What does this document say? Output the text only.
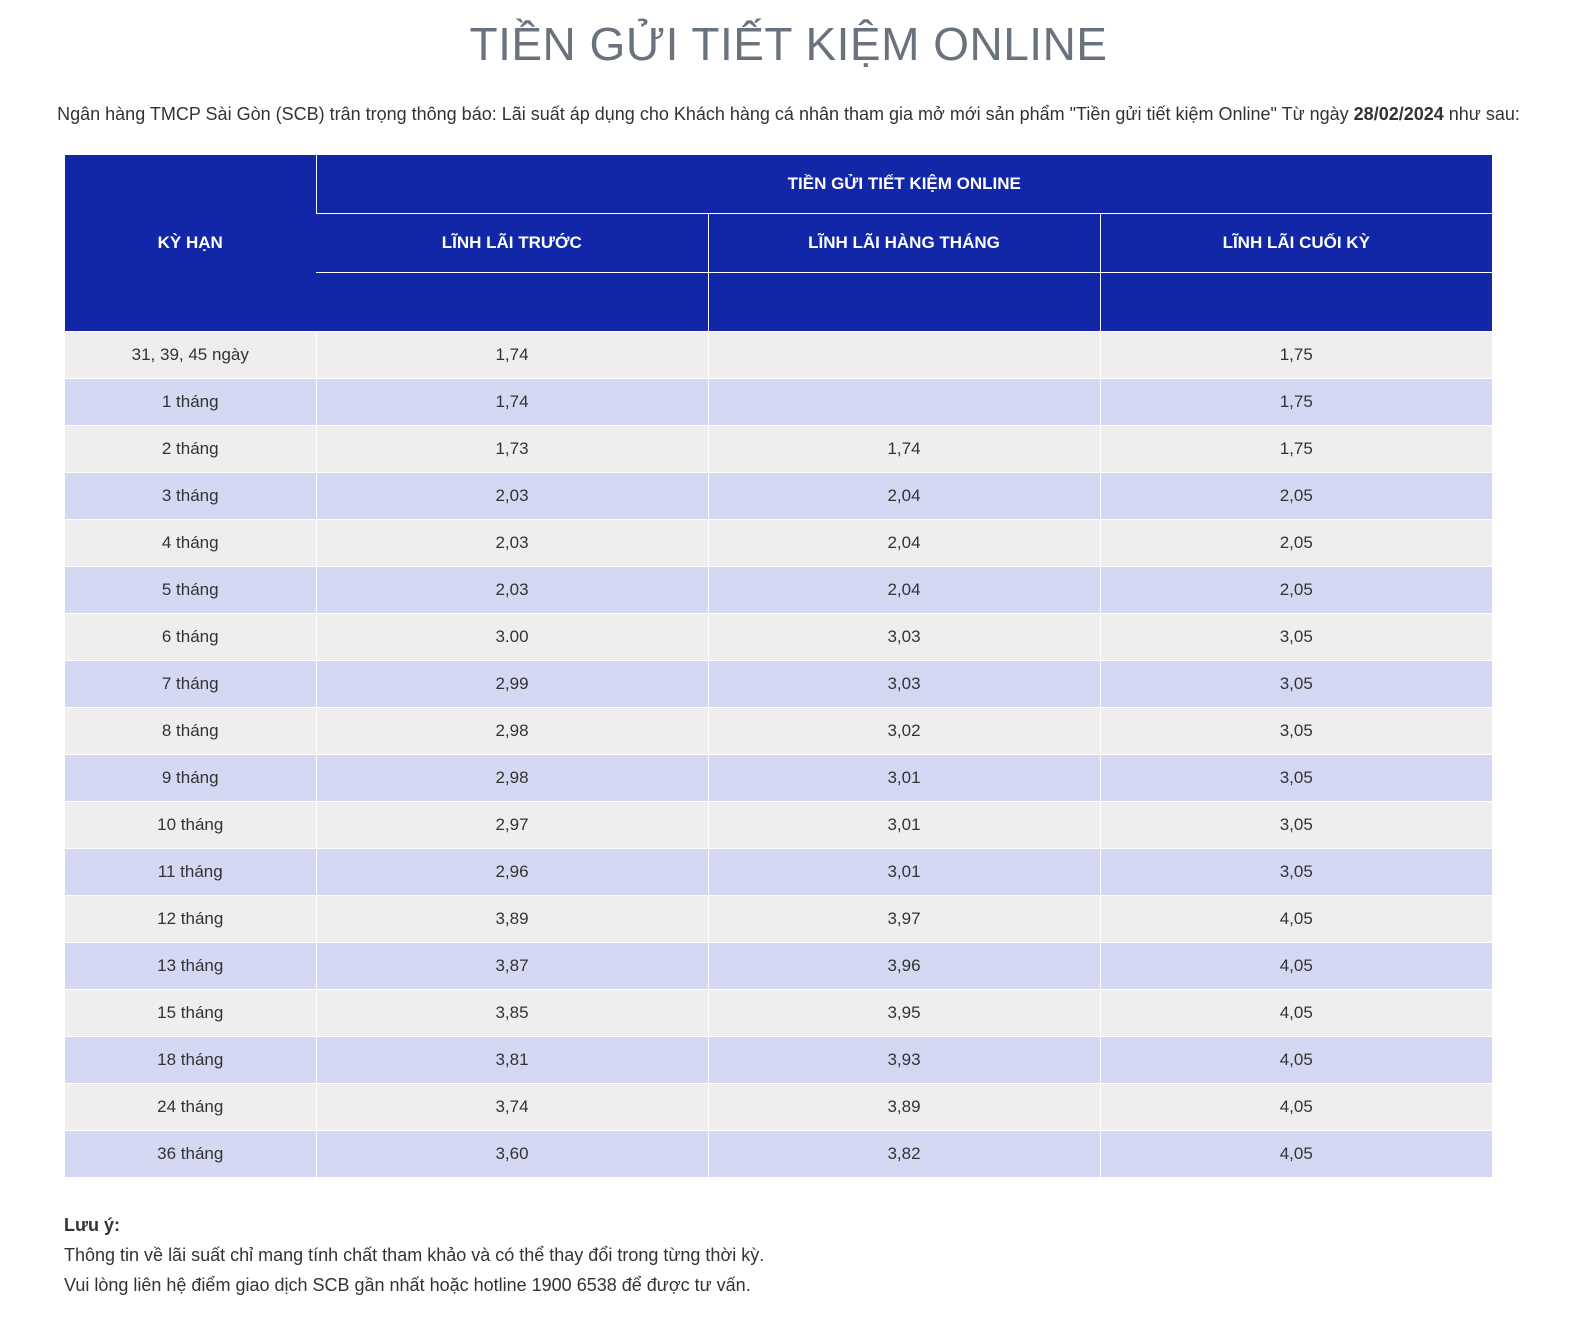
TIỀN GỬI TIẾT KIỆM ONLINE

Ngân hàng TMCP Sài Gòn (SCB) trân trọng thông báo: Lãi suất áp dụng cho Khách hàng cá nhân tham gia mở mới sản phẩm "Tiền gửi tiết kiệm Online" Từ ngày 28/02/2024 như sau:

KỲ HẠN	TIỀN GỬI TIẾT KIỆM ONLINE		
	LĨNH LÃI TRƯỚC	LĨNH LÃI HÀNG THÁNG	LĨNH LÃI CUỐI KỲ

31, 39, 45 ngày	1,74		1,75
1 tháng	1,74		1,75
2 tháng	1,73	1,74	1,75
3 tháng	2,03	2,04	2,05
4 tháng	2,03	2,04	2,05
5 tháng	2,03	2,04	2,05
6 tháng	3.00	3,03	3,05
7 tháng	2,99	3,03	3,05
8 tháng	2,98	3,02	3,05
9 tháng	2,98	3,01	3,05
10 tháng	2,97	3,01	3,05
11 tháng	2,96	3,01	3,05
12 tháng	3,89	3,97	4,05
13 tháng	3,87	3,96	4,05
15 tháng	3,85	3,95	4,05
18 tháng	3,81	3,93	4,05
24 tháng	3,74	3,89	4,05
36 tháng	3,60	3,82	4,05

Lưu ý:

Thông tin về lãi suất chỉ mang tính chất tham khảo và có thể thay đổi trong từng thời kỳ.

Vui lòng liên hệ điểm giao dịch SCB gần nhất hoặc hotline 1900 6538 để được tư vấn.
